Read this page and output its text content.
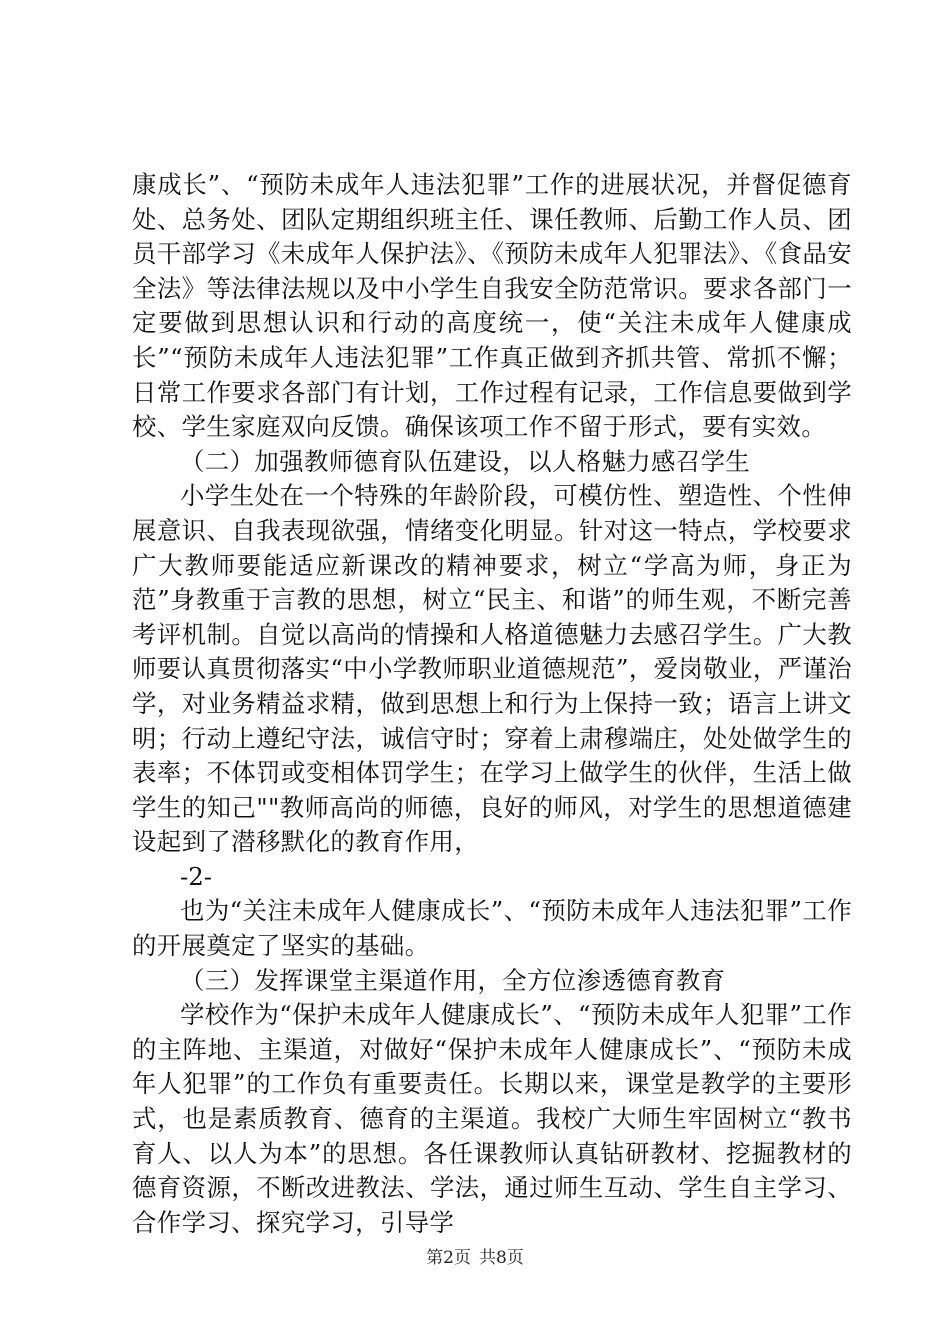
康成长”、“预防未成年人违法犯罪”工作的进展状况，并督促德育处、总务处、团队定期组织班主任、课任教师、后勤工作人员、团员干部学习《未成年人保护法》、《预防未成年人犯罪法》、《食品安全法》等法律法规以及中小学生自我安全防范常识。要求各部门一定要做到思想认识和行动的高度统一，使“关注未成年人健康成长”“预防未成年人违法犯罪”工作真正做到齐抓共管、常抓不懈；日常工作要求各部门有计划，工作过程有记录，工作信息要做到学校、学生家庭双向反馈。确保该项工作不留于形式，要有实效。

（二）加强教师德育队伍建设，以人格魅力感召学生

小学生处在一个特殊的年龄阶段，可模仿性、塑造性、个性伸展意识、自我表现欲强，情绪变化明显。针对这一特点，学校要求广大教师要能适应新课改的精神要求，树立“学高为师，身正为范”身教重于言教的思想，树立“民主、和谐”的师生观，不断完善考评机制。自觉以高尚的情操和人格道德魅力去感召学生。广大教师要认真贯彻落实“中小学教师职业道德规范”，爱岗敬业，严谨治学，对业务精益求精，做到思想上和行为上保持一致；语言上讲文明；行动上遵纪守法，诚信守时；穿着上肃穆端庄，处处做学生的表率；不体罚或变相体罚学生；在学习上做学生的伙伴，生活上做学生的知己""教师高尚的师德，良好的师风，对学生的思想道德建设起到了潜移默化的教育作用，

-2-

也为“关注未成年人健康成长”、“预防未成年人违法犯罪”工作的开展奠定了坚实的基础。

（三）发挥课堂主渠道作用，全方位渗透德育教育

学校作为“保护未成年人健康成长”、“预防未成年人犯罪”工作的主阵地、主渠道，对做好“保护未成年人健康成长”、“预防未成年人犯罪”的工作负有重要责任。长期以来，课堂是教学的主要形式，也是素质教育、德育的主渠道。我校广大师生牢固树立“教书育人、以人为本”的思想。各任课教师认真钻研教材、挖掘教材的德育资源，不断改进教法、学法，通过师生互动、学生自主学习、合作学习、探究学习，引导学

第2页 共8页
